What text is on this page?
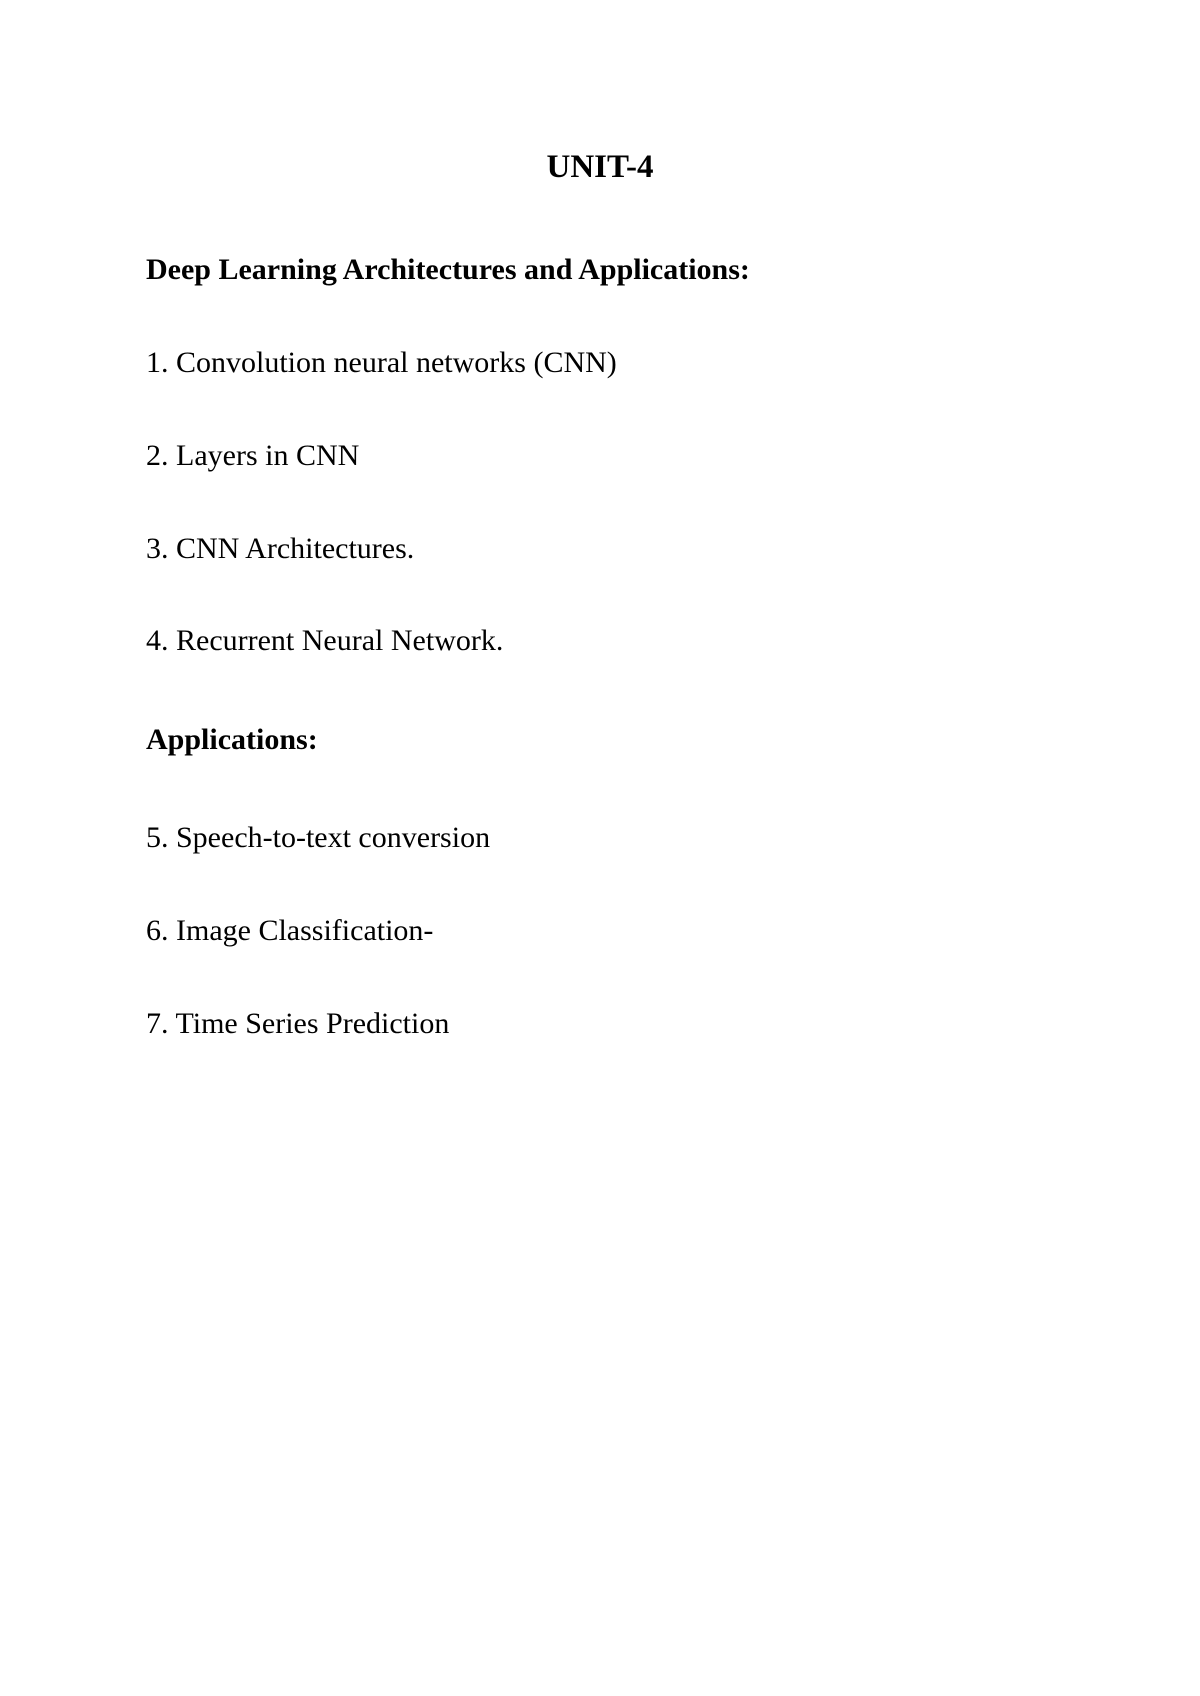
UNIT-4
Deep Learning Architectures and Applications:

1. Convolution neural networks (CNN)

2. Layers in CNN

3. CNN Architectures.

4. Recurrent Neural Network.

Applications:

5. Speech-to-text conversion

6. Image Classification-

7. Time Series Prediction
